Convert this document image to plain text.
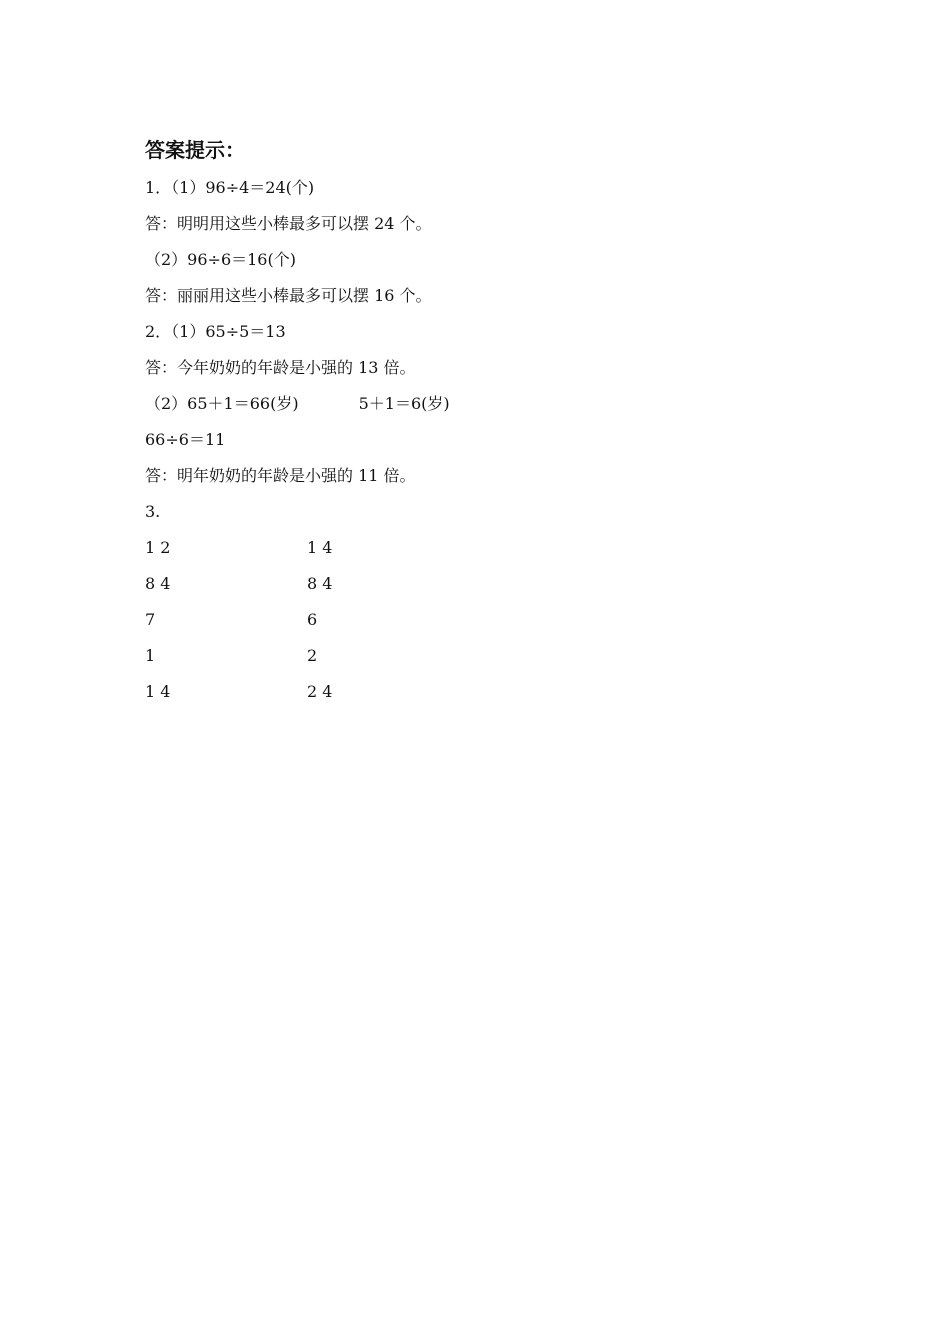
答案提示：
1．（1）96÷4＝24(个)
答：明明用这些小棒最多可以摆 24 个。
（2）96÷6＝16(个)
答：丽丽用这些小棒最多可以摆 16 个。
2．（1）65÷5＝13
答：今年奶奶的年龄是小强的 13 倍。
（2）65＋1＝66(岁)	5＋1＝6(岁)
66÷6＝11
答：明年奶奶的年龄是小强的 11 倍。
3.
1 2
8 4
7
1
1 4
1 4
8 4
6
2
2 4
